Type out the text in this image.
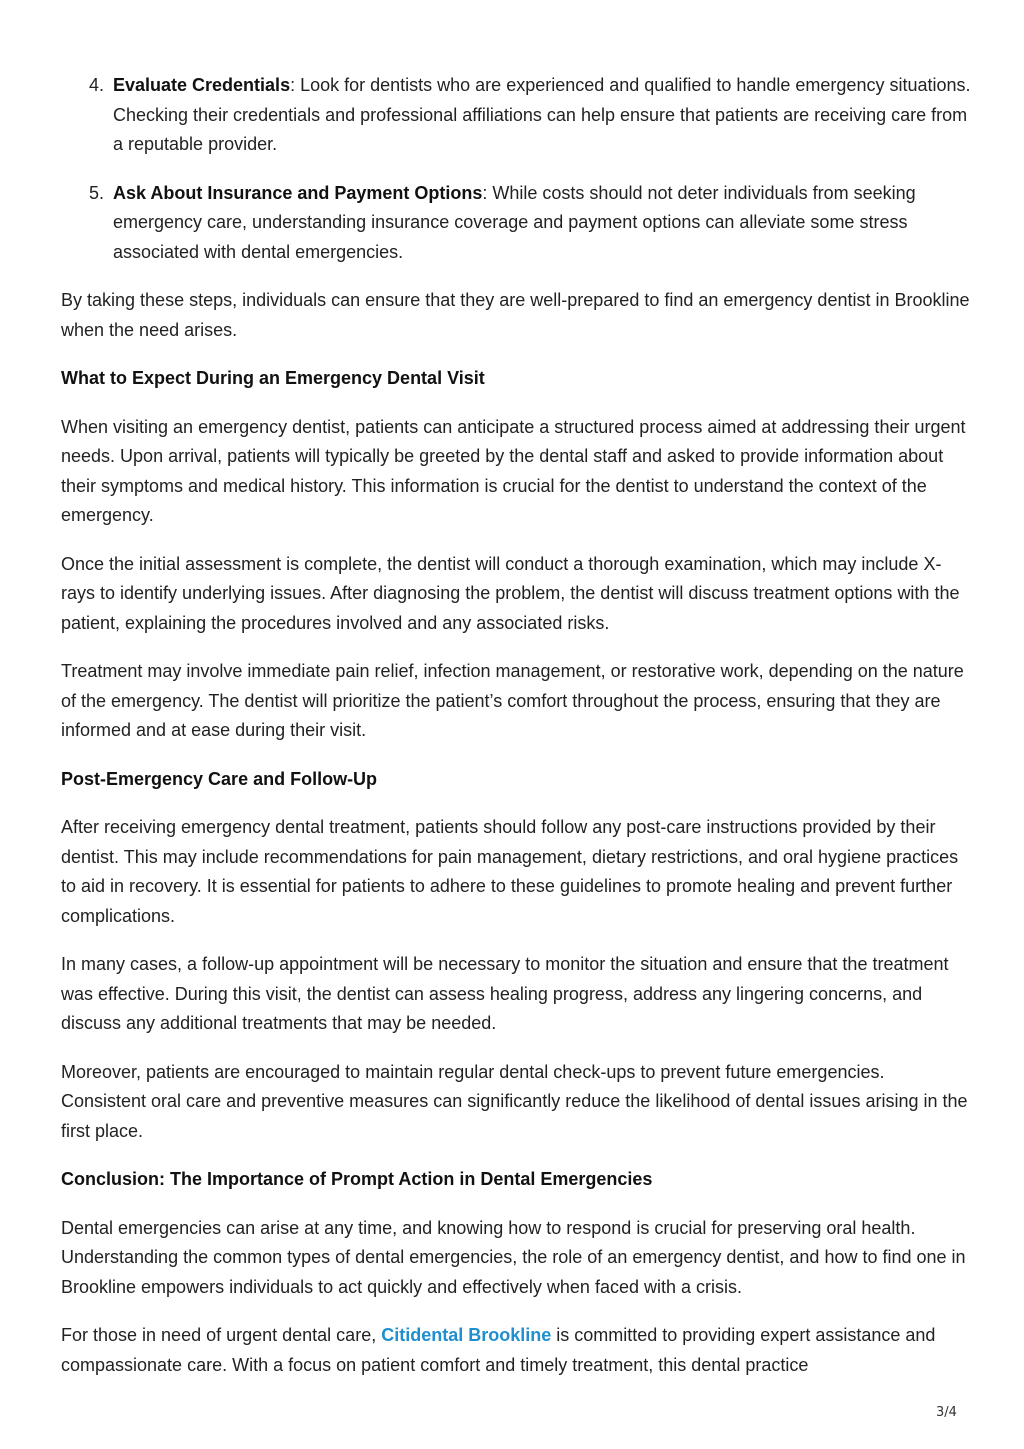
4. Evaluate Credentials: Look for dentists who are experienced and qualified to handle emergency situations. Checking their credentials and professional affiliations can help ensure that patients are receiving care from a reputable provider.
5. Ask About Insurance and Payment Options: While costs should not deter individuals from seeking emergency care, understanding insurance coverage and payment options can alleviate some stress associated with dental emergencies.

By taking these steps, individuals can ensure that they are well-prepared to find an emergency dentist in Brookline when the need arises.

What to Expect During an Emergency Dental Visit

When visiting an emergency dentist, patients can anticipate a structured process aimed at addressing their urgent needs. Upon arrival, patients will typically be greeted by the dental staff and asked to provide information about their symptoms and medical history. This information is crucial for the dentist to understand the context of the emergency.

Once the initial assessment is complete, the dentist will conduct a thorough examination, which may include X-rays to identify underlying issues. After diagnosing the problem, the dentist will discuss treatment options with the patient, explaining the procedures involved and any associated risks.

Treatment may involve immediate pain relief, infection management, or restorative work, depending on the nature of the emergency. The dentist will prioritize the patient’s comfort throughout the process, ensuring that they are informed and at ease during their visit.

Post-Emergency Care and Follow-Up

After receiving emergency dental treatment, patients should follow any post-care instructions provided by their dentist. This may include recommendations for pain management, dietary restrictions, and oral hygiene practices to aid in recovery. It is essential for patients to adhere to these guidelines to promote healing and prevent further complications.

In many cases, a follow-up appointment will be necessary to monitor the situation and ensure that the treatment was effective. During this visit, the dentist can assess healing progress, address any lingering concerns, and discuss any additional treatments that may be needed.

Moreover, patients are encouraged to maintain regular dental check-ups to prevent future emergencies. Consistent oral care and preventive measures can significantly reduce the likelihood of dental issues arising in the first place.

Conclusion: The Importance of Prompt Action in Dental Emergencies

Dental emergencies can arise at any time, and knowing how to respond is crucial for preserving oral health. Understanding the common types of dental emergencies, the role of an emergency dentist, and how to find one in Brookline empowers individuals to act quickly and effectively when faced with a crisis.

For those in need of urgent dental care, Citidental Brookline is committed to providing expert assistance and compassionate care. With a focus on patient comfort and timely treatment, this dental practice

3/4
